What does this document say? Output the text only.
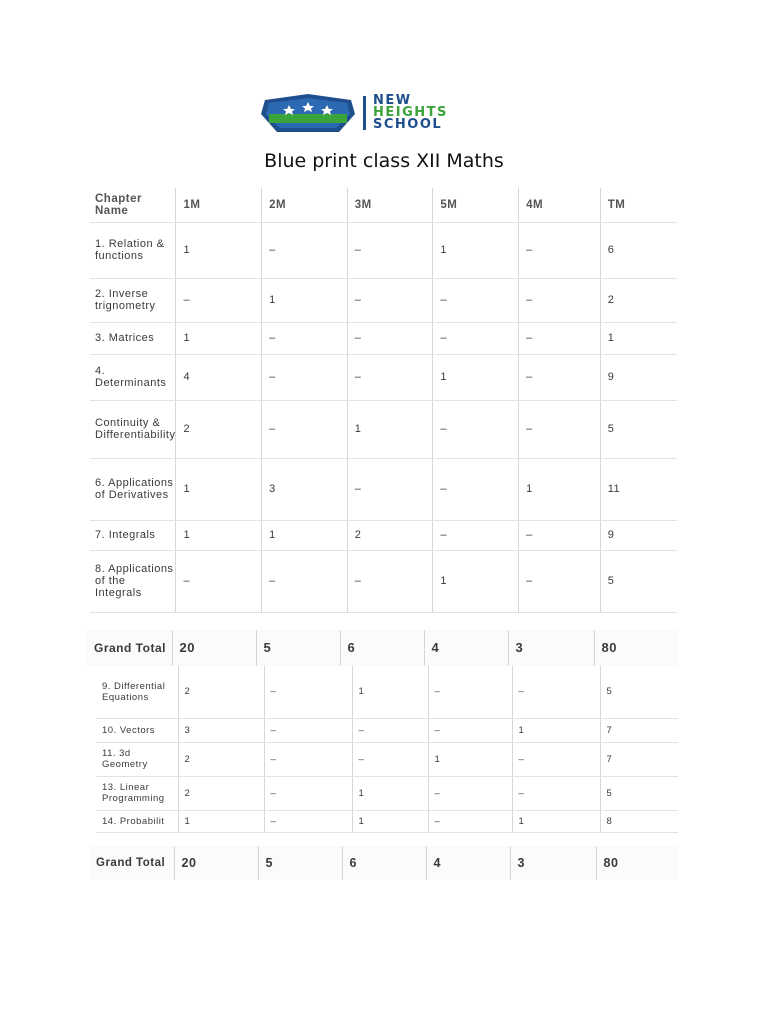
NEW
HEIGHTS
SCHOOL
Blue print class XII Maths
Chapter Name	1M	2M	3M	5M	4M	TM
1. Relation & functions	1	–	–	1	–	6
2. Inverse trignometry	–	1	–	–	–	2
3. Matrices	1	–	–	–	–	1
4. Determinants	4	–	–	1	–	9
Continuity & Differentiability	2	–	1	–	–	5
6. Applications of Derivatives	1	3	–	–	1	11
7. Integrals	1	1	2	–	–	9
8. Applications of the Integrals	–	–	–	1	–	5
Grand Total	20	5	6	4	3	80
9. Differential Equations	2	–	1	–	–	5
10. Vectors	3	–	–	–	1	7
11. 3d Geometry	2	–	–	1	–	7
13. Linear Programming	2	–	1	–	–	5
14. Probabilit	1	–	1	–	1	8
Grand Total	20	5	6	4	3	80
